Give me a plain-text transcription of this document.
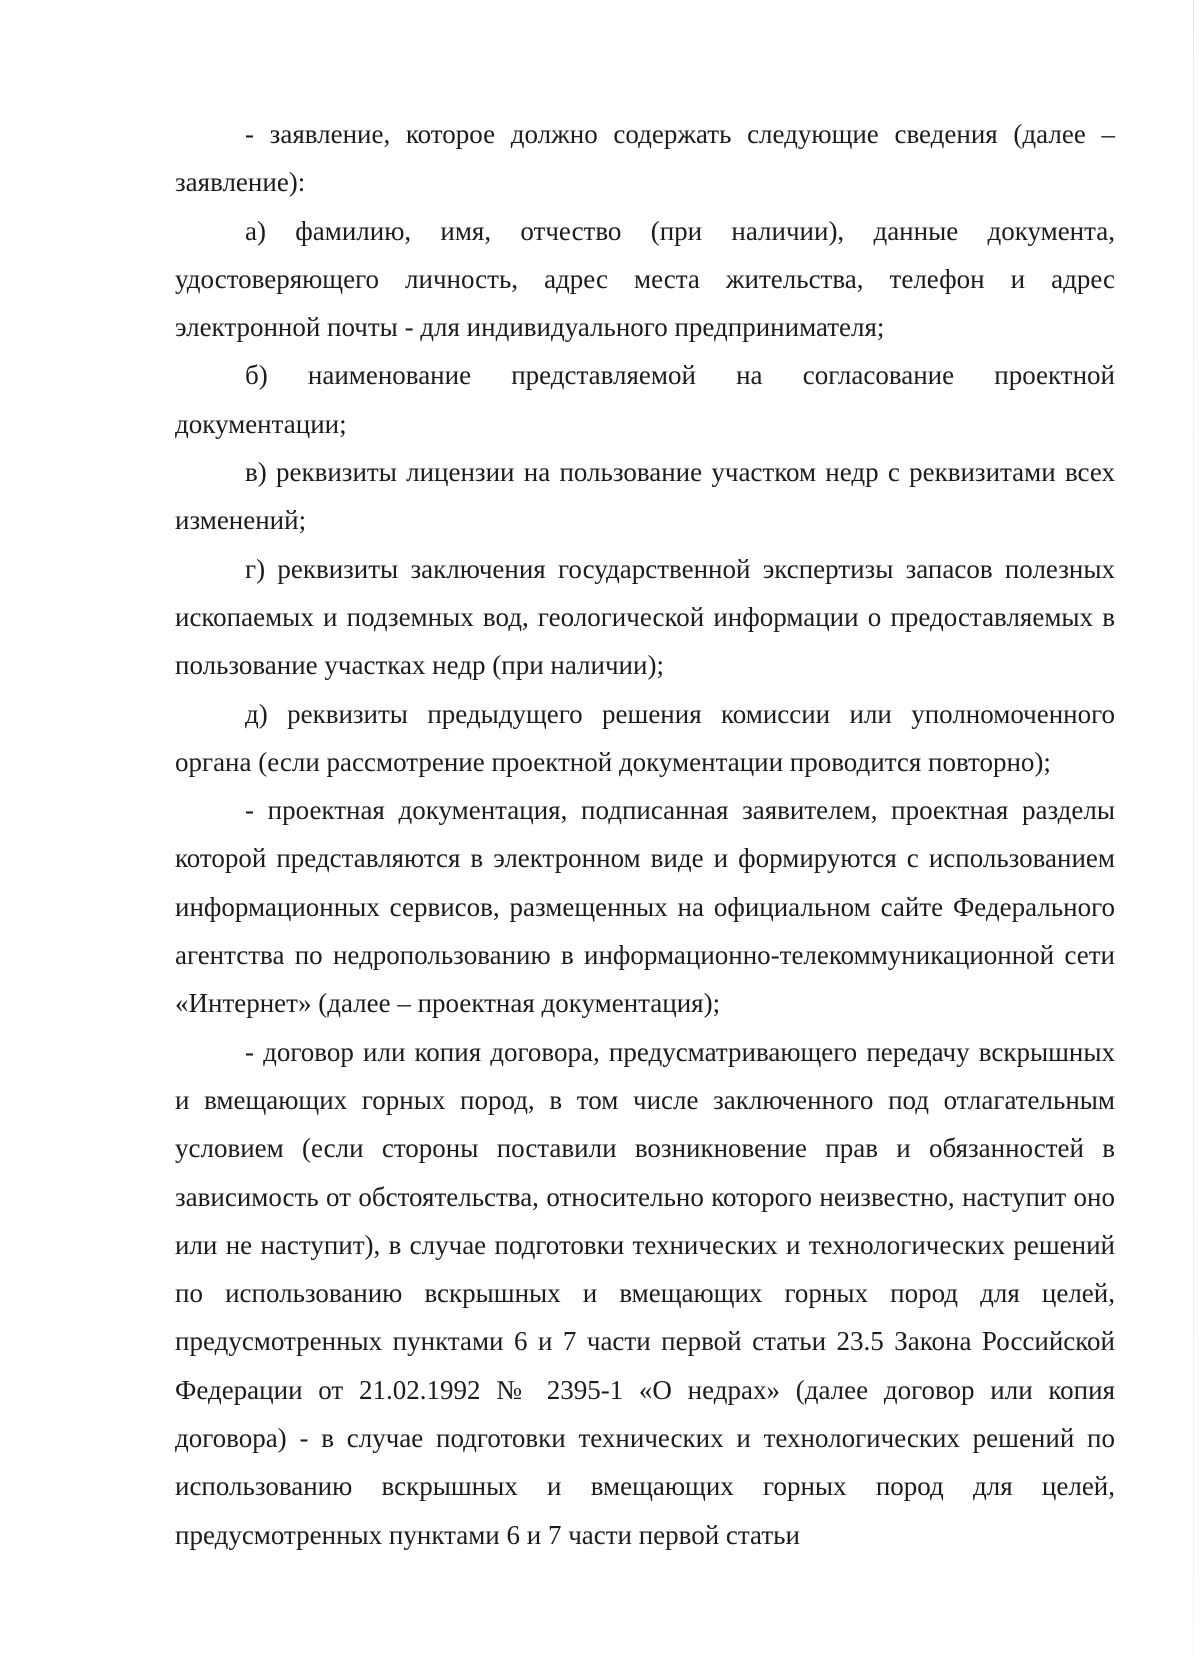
- заявление, которое должно содержать следующие сведения (далее – заявление):

а) фамилию, имя, отчество (при наличии), данные документа, удостоверяющего личность, адрес места жительства, телефон и адрес электронной почты - для индивидуального предпринимателя;

б) наименование представляемой на согласование проектной документации;

в) реквизиты лицензии на пользование участком недр с реквизитами всех изменений;

г) реквизиты заключения государственной экспертизы запасов полезных ископаемых и подземных вод, геологической информации о предоставляемых в пользование участках недр (при наличии);

д) реквизиты предыдущего решения комиссии или уполномоченного органа (если рассмотрение проектной документации проводится повторно);

- проектная документация, подписанная заявителем, проектная разделы которой представляются в электронном виде и формируются с использованием информационных сервисов, размещенных на официальном сайте Федерального агентства по недропользованию в информационно-телекоммуникационной сети «Интернет» (далее – проектная документация);

- договор или копия договора, предусматривающего передачу вскрышных и вмещающих горных пород, в том числе заключенного под отлагательным условием (если стороны поставили возникновение прав и обязанностей в зависимость от обстоятельства, относительно которого неизвестно, наступит оно или не наступит), в случае подготовки технических и технологических решений по использованию вскрышных и вмещающих горных пород для целей, предусмотренных пунктами 6 и 7 части первой статьи 23.5 Закона Российской Федерации от 21.02.1992 № 2395-1 «О недрах» (далее договор или копия договора) - в случае подготовки технических и технологических решений по использованию вскрышных и вмещающих горных пород для целей, предусмотренных пунктами 6 и 7 части первой статьи
